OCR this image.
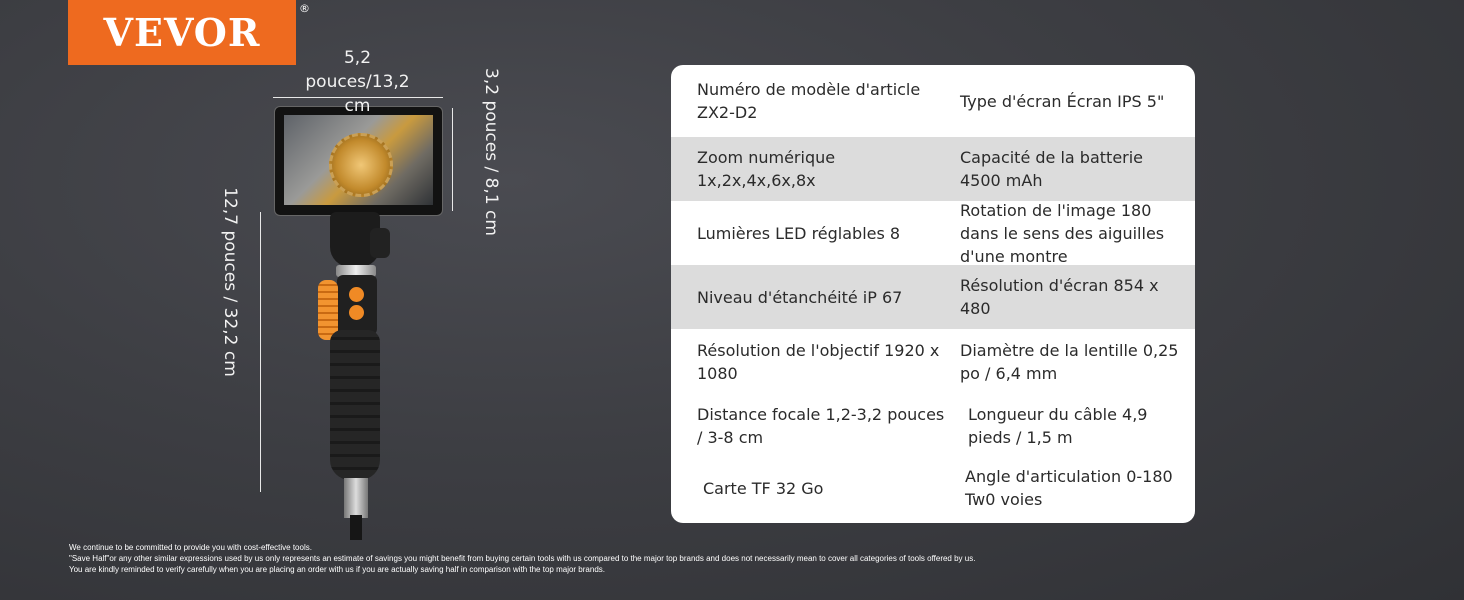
VEVOR
®
5,2 pouces/13,2 cm	3,2 pouces / 8,1 cm
12,7 pouces / 32,2 cm
Numéro de modèle d'article ZX2-D2
Type d'écran Écran IPS 5"
Zoom numérique 1x,2x,4x,6x,8x
Capacité de la batterie 4500 mAh
Lumières LED réglables 8
Rotation de l'image 180 dans le sens des aiguilles d'une montre
Niveau d'étanchéité iP 67
Résolution d'écran 854 x 480
Résolution de l'objectif 1920 x 1080
Diamètre de la lentille 0,25 po / 6,4 mm
Distance focale 1,2-3,2 pouces / 3-8 cm
Longueur du câble 4,9 pieds / 1,5 m
Carte TF 32 Go
Angle d'articulation 0-180 Tw0 voies
We continue to be committed to provide you with cost-effective tools.
"Save Half"or any other similar expressions used by us only represents an estimate of savings you might benefit from buying certain tools with us compared to the major top brands and does not necessarily mean to cover all categories of tools offered by us.
You are kindly reminded to verify carefully when you are placing an order with us if you are actually saving half in comparison with the top major brands.
